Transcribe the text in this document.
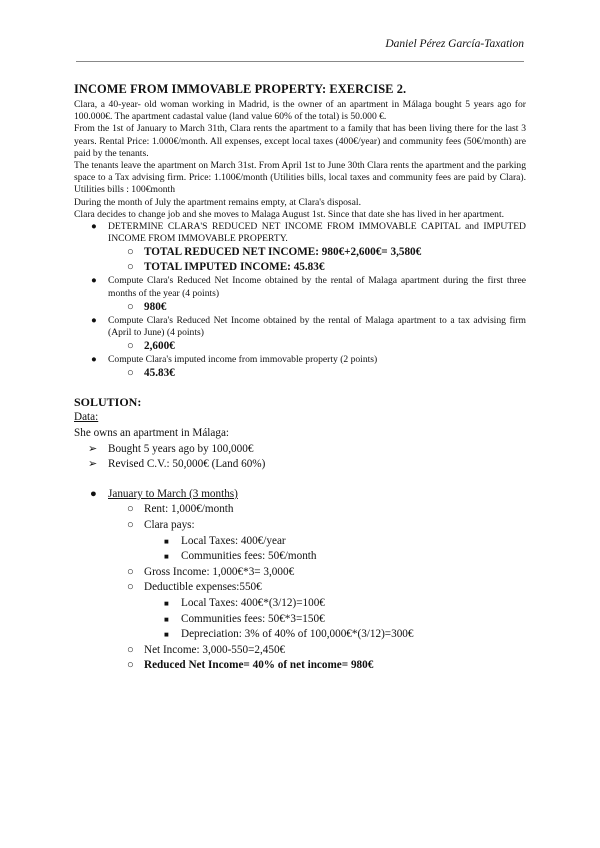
Daniel Pérez García-Taxation
INCOME FROM IMMOVABLE PROPERTY: EXERCISE 2.

Clara, a 40-year- old woman working in Madrid, is the owner of an apartment in Málaga bought 5 years ago for 100.000€. The apartment cadastal value (land value 60% of the total) is 50.000 €.

From the 1st of January to March 31th, Clara rents the apartment to a family that has been living there for the last 3 years. Rental Price: 1.000€/month. All expenses, except local taxes (400€/year) and community fees (50€/month) are paid by the tenants.

The tenants leave the apartment on March 31st. From April 1st to June 30th Clara rents the apartment and the parking space to a Tax advising firm. Price: 1.100€/month (Utilities bills, local taxes and community fees are paid by Clara). Utilities bills : 100€month

During the month of July the apartment remains empty, at Clara's disposal.

Clara decides to change job and she moves to Malaga August 1st. Since that date she has lived in her apartment.

● DETERMINE CLARA'S REDUCED NET INCOME FROM IMMOVABLE CAPITAL and IMPUTED INCOME FROM IMMOVABLE PROPERTY.
○ TOTAL REDUCED NET INCOME: 980€+2,600€= 3,580€
○ TOTAL IMPUTED INCOME: 45.83€
● Compute Clara's Reduced Net Income obtained by the rental of Malaga apartment during the first three months of the year (4 points)
○ 980€
● Compute Clara's Reduced Net Income obtained by the rental of Malaga apartment to a tax advising firm (April to June) (4 points)
○ 2,600€
● Compute Clara's imputed income from immovable property (2 points)
○ 45.83€
SOLUTION:
Data:
She owns an apartment in Málaga:
➢ Bought 5 years ago by 100,000€
➢ Revised C.V.: 50,000€ (Land 60%)
● January to March (3 months)
○ Rent: 1,000€/month
○ Clara pays:
■ Local Taxes: 400€/year
■ Communities fees: 50€/month
○ Gross Income: 1,000€*3= 3,000€
○ Deductible expenses:550€
■ Local Taxes: 400€*(3/12)=100€
■ Communities fees: 50€*3=150€
■ Depreciation: 3% of 40% of 100,000€*(3/12)=300€
○ Net Income: 3,000-550=2,450€
○ Reduced Net Income= 40% of net income= 980€
